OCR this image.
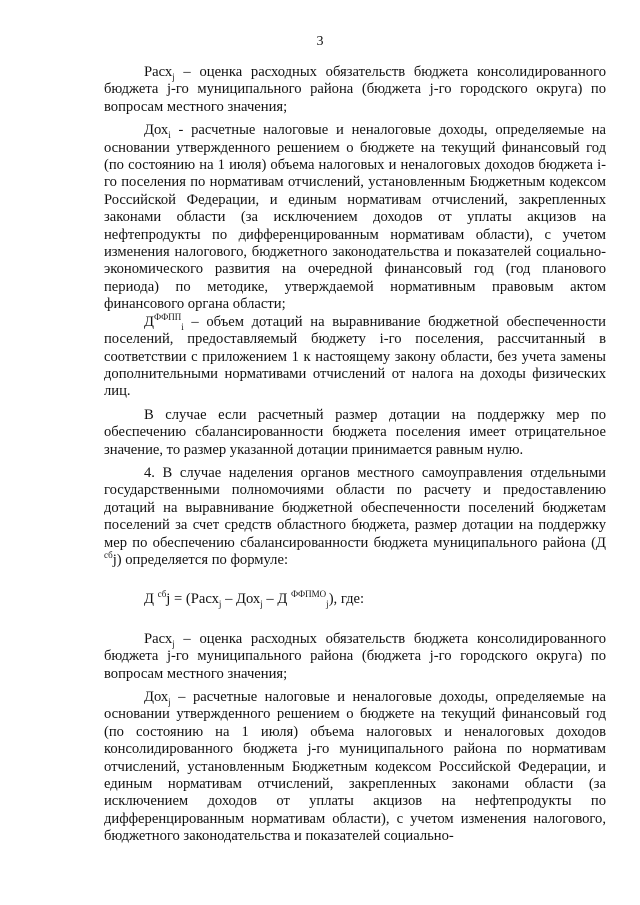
3

Расх$_j$ – оценка расходных обязательств бюджета консолидированного бюджета j-го муниципального района (бюджета j-го городского округа) по вопросам местного значения;

Дох$_i$ - расчетные налоговые и неналоговые доходы, определяемые на основании утвержденного решением о бюджете на текущий финансовый год (по состоянию на 1 июля) объема налоговых и неналоговых доходов бюджета i-го поселения по нормативам отчислений, установленным Бюджетным кодексом Российской Федерации, и единым нормативам отчислений, закрепленных законами области (за исключением доходов от уплаты акцизов на нефтепродукты по дифференцированным нормативам области), с учетом изменения налогового, бюджетного законодательства и показателей социально-экономического развития на очередной финансовый год (год планового периода) по методике, утверждаемой нормативным правовым актом финансового органа области;

$Д^{ФФПП}_i$ – объем дотаций на выравнивание бюджетной обеспеченности поселений, предоставляемый бюджету i-го поселения, рассчитанный в соответствии с приложением 1 к настоящему закону области, без учета замены дополнительными нормативами отчислений от налога на доходы физических лиц.

В случае если расчетный размер дотации на поддержку мер по обеспечению сбалансированности бюджета поселения имеет отрицательное значение, то размер указанной дотации принимается равным нулю.

4. В случае наделения органов местного самоуправления отдельными государственными полномочиями области по расчету и предоставлению дотаций на выравнивание бюджетной обеспеченности поселений бюджетам поселений за счет средств областного бюджета, размер дотации на поддержку мер по обеспечению сбалансированности бюджета муниципального района (Д $^{сб}$j) определяется по формуле:

Д $^{сб}$j = (Расх$_j$ – Дох$_j$ – Д $^{ФФПМО}_j$), где:

Расх$_j$ – оценка расходных обязательств бюджета консолидированного бюджета j-го муниципального района (бюджета j-го городского округа) по вопросам местного значения;

Дох$_j$ – расчетные налоговые и неналоговые доходы, определяемые на основании утвержденного решением о бюджете на текущий финансовый год (по состоянию на 1 июля) объема налоговых и неналоговых доходов консолидированного бюджета j-го муниципального района по нормативам отчислений, установленным Бюджетным кодексом Российской Федерации, и единым нормативам отчислений, закрепленных законами области (за исключением доходов от уплаты акцизов на нефтепродукты по дифференцированным нормативам области), с учетом изменения налогового, бюджетного законодательства и показателей социально-
